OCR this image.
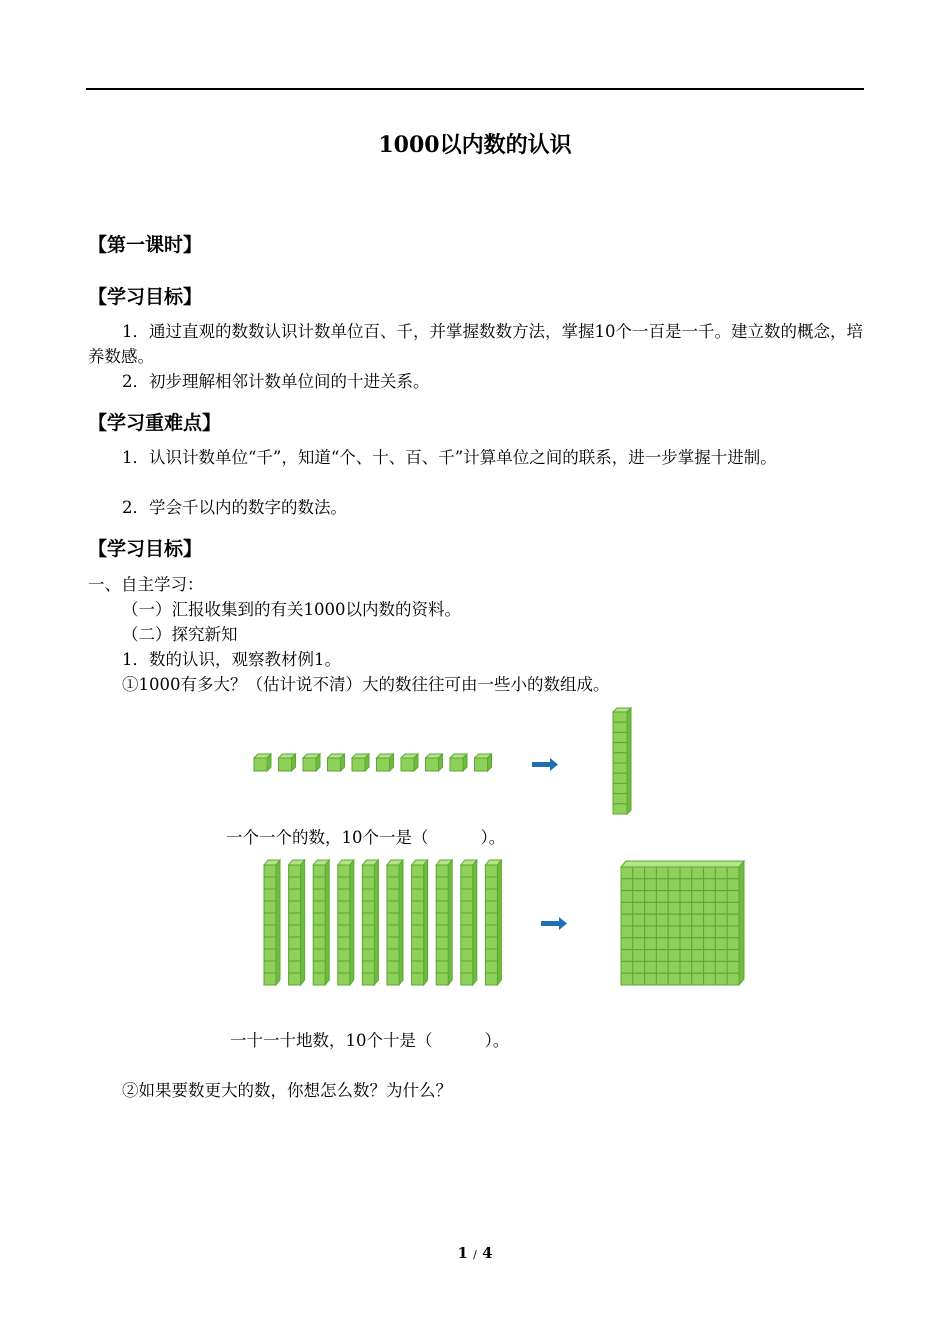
1000以内数的认识
【第一课时】
【学习目标】
1．通过直观的数数认识计数单位百、千，并掌握数数方法，掌握10个一百是一千。建立数的概念，培养数感。
2．初步理解相邻计数单位间的十进关系。
【学习重难点】
1．认识计数单位“千”，知道“个、十、百、千”计算单位之间的联系，进一步掌握十进制。
2．学会千以内的数字的数法。
【学习目标】
一、自主学习：
（一）汇报收集到的有关1000以内数的资料。
（二）探究新知
1．数的认识，观察教材例1。
①1000有多大？（估计说不清）大的数往往可由一些小的数组成。
一个一个的数，10个一是（	）。
一十一十地数，10个十是（	）。
②如果要数更大的数，你想怎么数？为什么？
1 / 4
